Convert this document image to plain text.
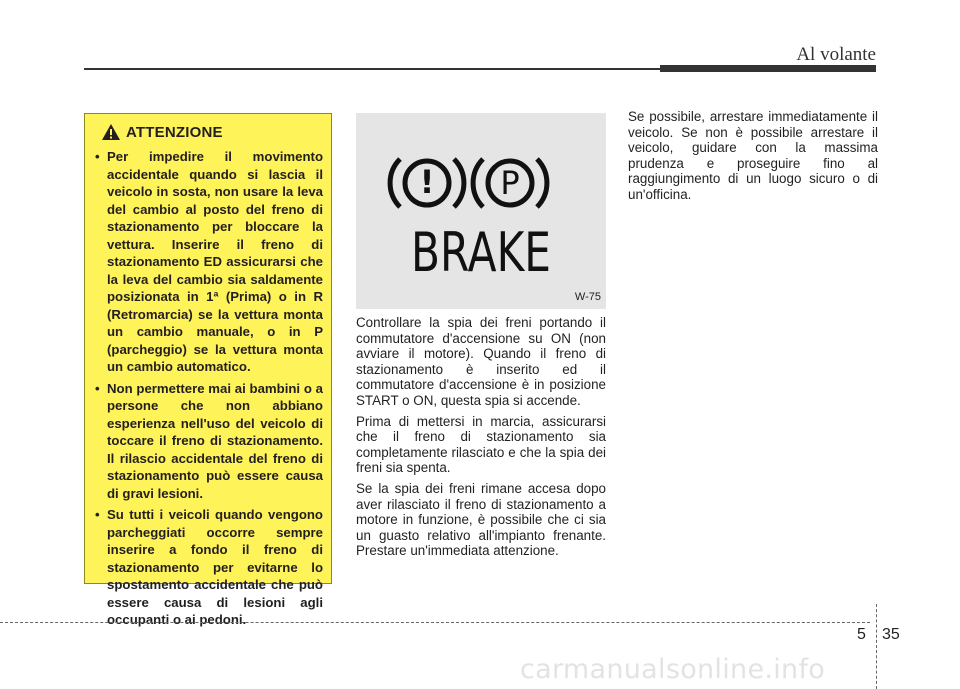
Al volante
ATTENZIONE
• Per impedire il movimento accidentale quando si lascia il veicolo in sosta, non usare la leva del cambio al posto del freno di stazionamento per bloccare la vettura. Inserire il freno di stazionamento ED assicurarsi che la leva del cambio sia saldamente posizionata in 1ª (Prima) o in R (Retromarcia) se la vettura monta un cambio manuale, o in P (parcheggio) se la vettura monta un cambio automatico.
• Non permettere mai ai bambini o a persone che non abbiano esperienza nell'uso del veicolo di toccare il freno di stazionamento. Il rilascio accidentale del freno di stazionamento può essere causa di gravi lesioni.
• Su tutti i veicoli quando vengono parcheggiati occorre sempre inserire a fondo il freno di stazionamento per evitarne lo spostamento accidentale che può essere causa di lesioni agli occupanti o ai pedoni.
! P
BRAKE
W-75

Controllare la spia dei freni portando il commutatore d'accensione su ON (non avviare il motore). Quando il freno di stazionamento è inserito ed il commutatore d'accensione è in posizione START o ON, questa spia si accende.

Prima di mettersi in marcia, assicurarsi che il freno di stazionamento sia completamente rilasciato e che la spia dei freni sia spenta.

Se la spia dei freni rimane accesa dopo aver rilasciato il freno di stazionamento a motore in funzione, è possibile che ci sia un guasto relativo all'impianto frenante. Prestare un'immediata attenzione.

Se possibile, arrestare immediatamente il veicolo. Se non è possibile arrestare il veicolo, guidare con la massima prudenza e proseguire fino al raggiungimento di un luogo sicuro o di un'officina.

5 35
carmanualsonline.info
